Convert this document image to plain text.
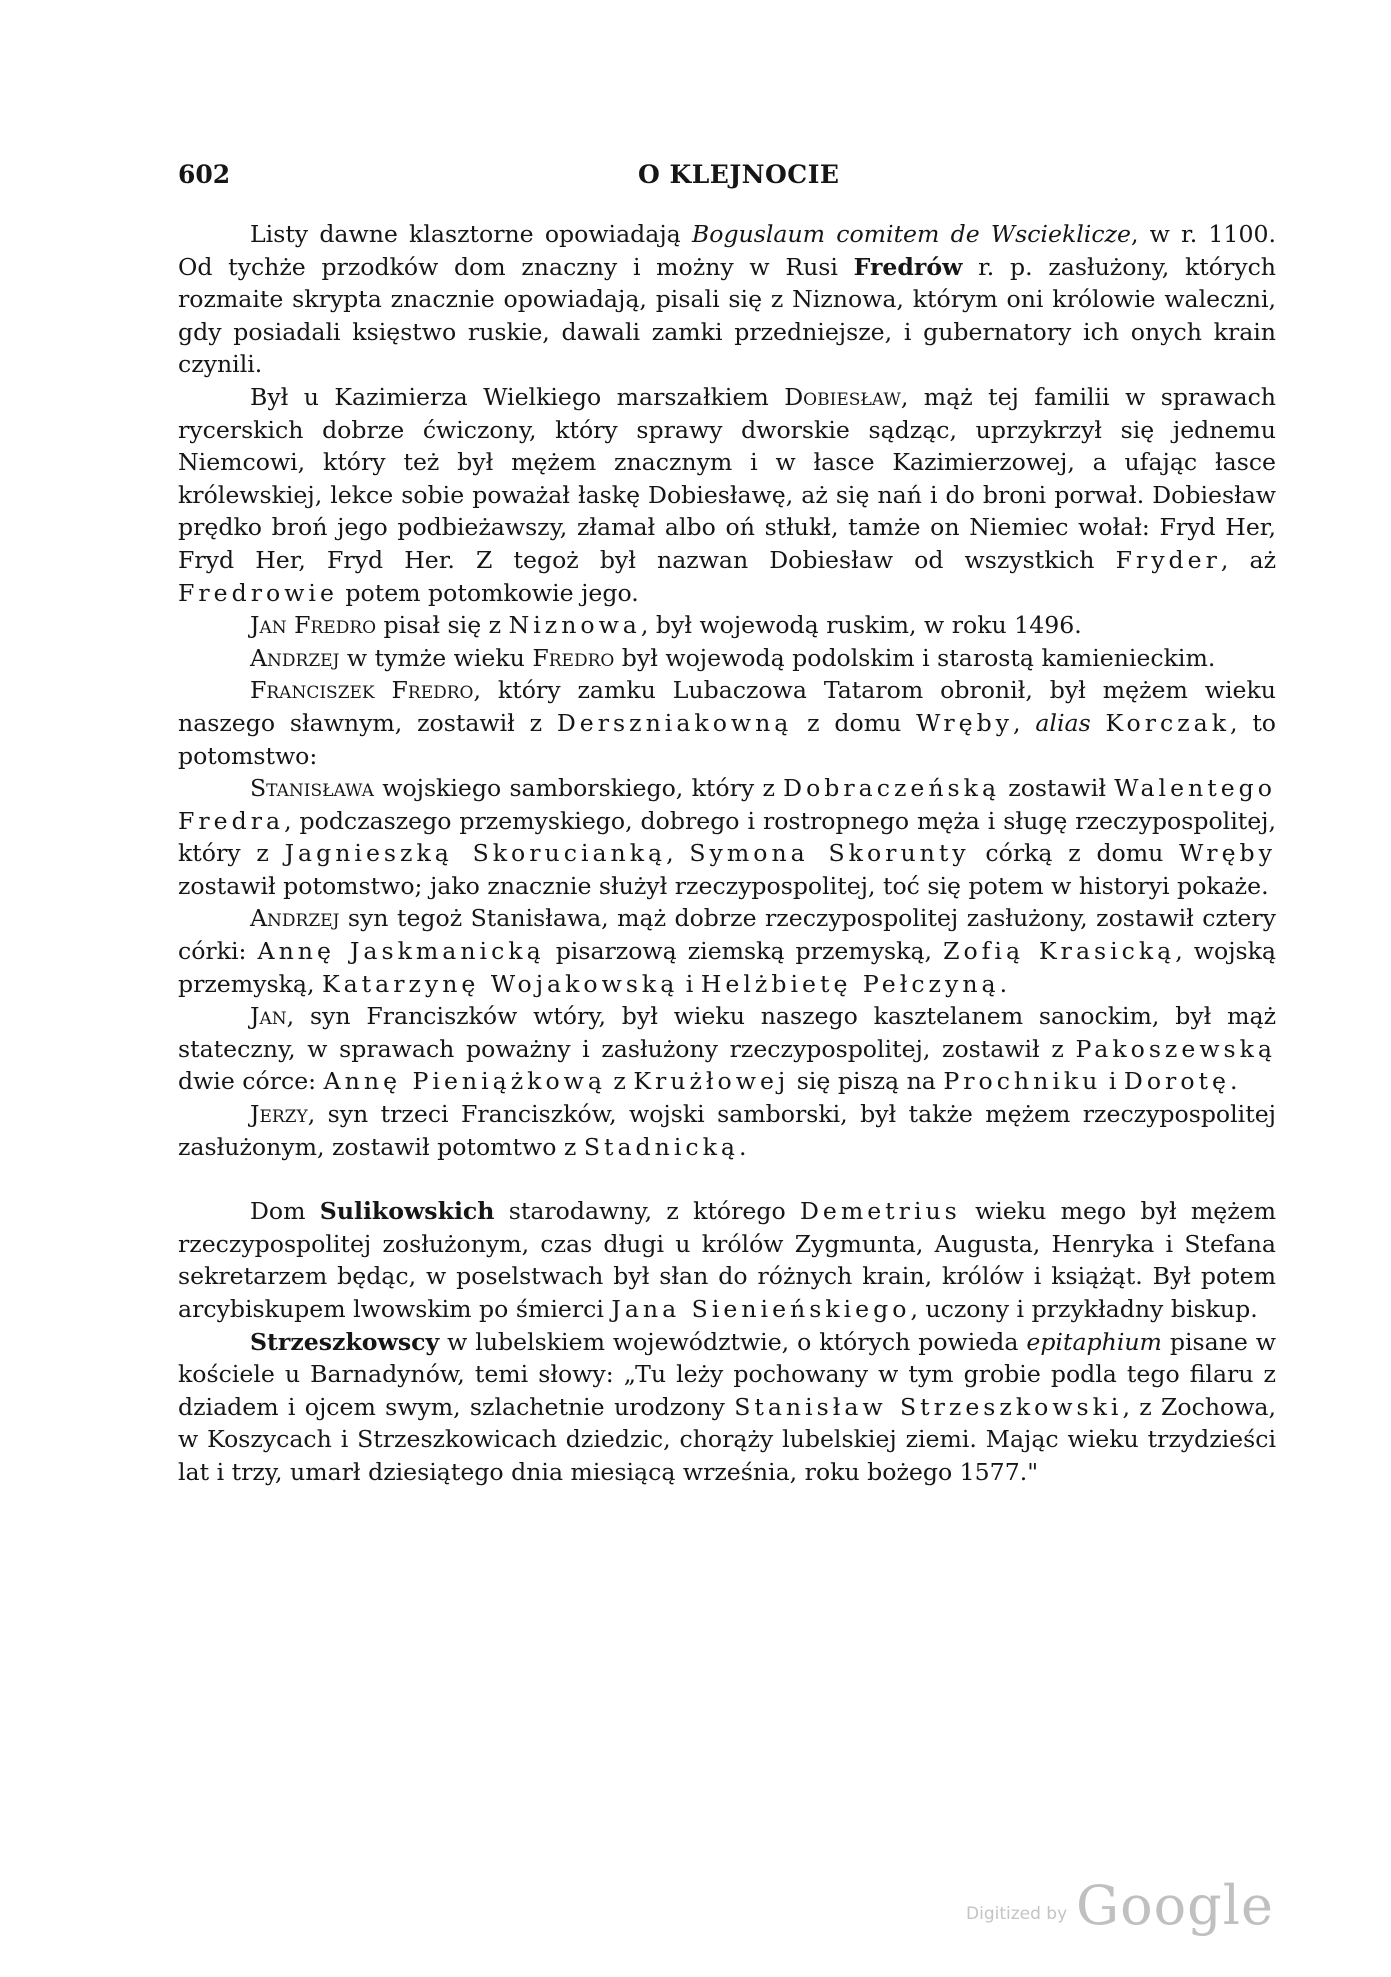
602	O KLEJNOCIE

Listy dawne klasztorne opowiadają Boguslaum comitem de Wscieklicze, w r. 1100. Od tychże przodków dom znaczny i możny w Rusi Fredrów r. p. zasłużony, których rozmaite skrypta znacznie opowiadają, pisali się z Niznowa, którym oni królowie waleczni, gdy posiadali księstwo ruskie, dawali zamki przedniejsze, i gubernatory ich onych krain czynili.

Był u Kazimierza Wielkiego marszałkiem Dobiesław, mąż tej familii w sprawach rycerskich dobrze ćwiczony, który sprawy dworskie sądząc, uprzykrzył się jednemu Niemcowi, który też był mężem znacznym i w łasce Kazimierzowej, a ufając łasce królewskiej, lekce sobie poważał łaskę Dobiesławę, aż się nań i do broni porwał. Dobiesław prędko broń jego podbieżawszy, złamał albo oń stłukł, tamże on Niemiec wołał: Fryd Her, Fryd Her, Fryd Her. Z tegoż był nazwan Dobiesław od wszystkich Fryder, aż Fredrowie potem potomkowie jego.

Jan Fredro pisał się z Niznowa, był wojewodą ruskim, w roku 1496.

Andrzej w tymże wieku Fredro był wojewodą podolskim i starostą kamienieckim.

Franciszek Fredro, który zamku Lubaczowa Tatarom obronił, był mężem wieku naszego sławnym, zostawił z Derszniakowną z domu Wręby, alias Korczak, to potomstwo:

Stanisława wojskiego samborskiego, który z Dobraczeńską zostawił Walentego Fredra, podczaszego przemyskiego, dobrego i rostropnego męża i sługę rzeczypospolitej, który z Jagnieszką Skorucianką, Symona Skorunty córką z domu Wręby zostawił potomstwo; jako znacznie służył rzeczypospolitej, toć się potem w historyi pokaże.

Andrzej syn tegoż Stanisława, mąż dobrze rzeczypospolitej zasłużony, zostawił cztery córki: Annę Jaskmanicką pisarzową ziemską przemyską, Zofią Krasicką, wojską przemyską, Katarzynę Wojakowską i Helżbietę Pełczyną.

Jan, syn Franciszków wtóry, był wieku naszego kasztelanem sanockim, był mąż stateczny, w sprawach poważny i zasłużony rzeczypospolitej, zostawił z Pakoszewską dwie córce: Annę Pieniążkową z Krużłowej się piszą na Prochniku i Dorotę.

Jerzy, syn trzeci Franciszków, wojski samborski, był także mężem rzeczypospolitej zasłużonym, zostawił potomtwo z Stadnicką.

Dom Sulikowskich starodawny, z którego Demetrius wieku mego był mężem rzeczypospolitej zosłużonym, czas długi u królów Zygmunta, Augusta, Henryka i Stefana sekretarzem będąc, w poselstwach był słan do różnych krain, królów i książąt. Był potem arcybiskupem lwowskim po śmierci Jana Sienieńskiego, uczony i przykładny biskup.

Strzeszkowscy w lubelskiem województwie, o których powieda epitaphium pisane w kościele u Barnadynów, temi słowy: „Tu leży pochowany w tym grobie podla tego filaru z dziadem i ojcem swym, szlachetnie urodzony Stanisław Strzeszkowski, z Zochowa, w Koszycach i Strzeszkowicach dziedzic, chorąży lubelskiej ziemi. Mając wieku trzydzieści lat i trzy, umarł dziesiątego dnia miesiącą września, roku bożego 1577."

Digitized by Google
